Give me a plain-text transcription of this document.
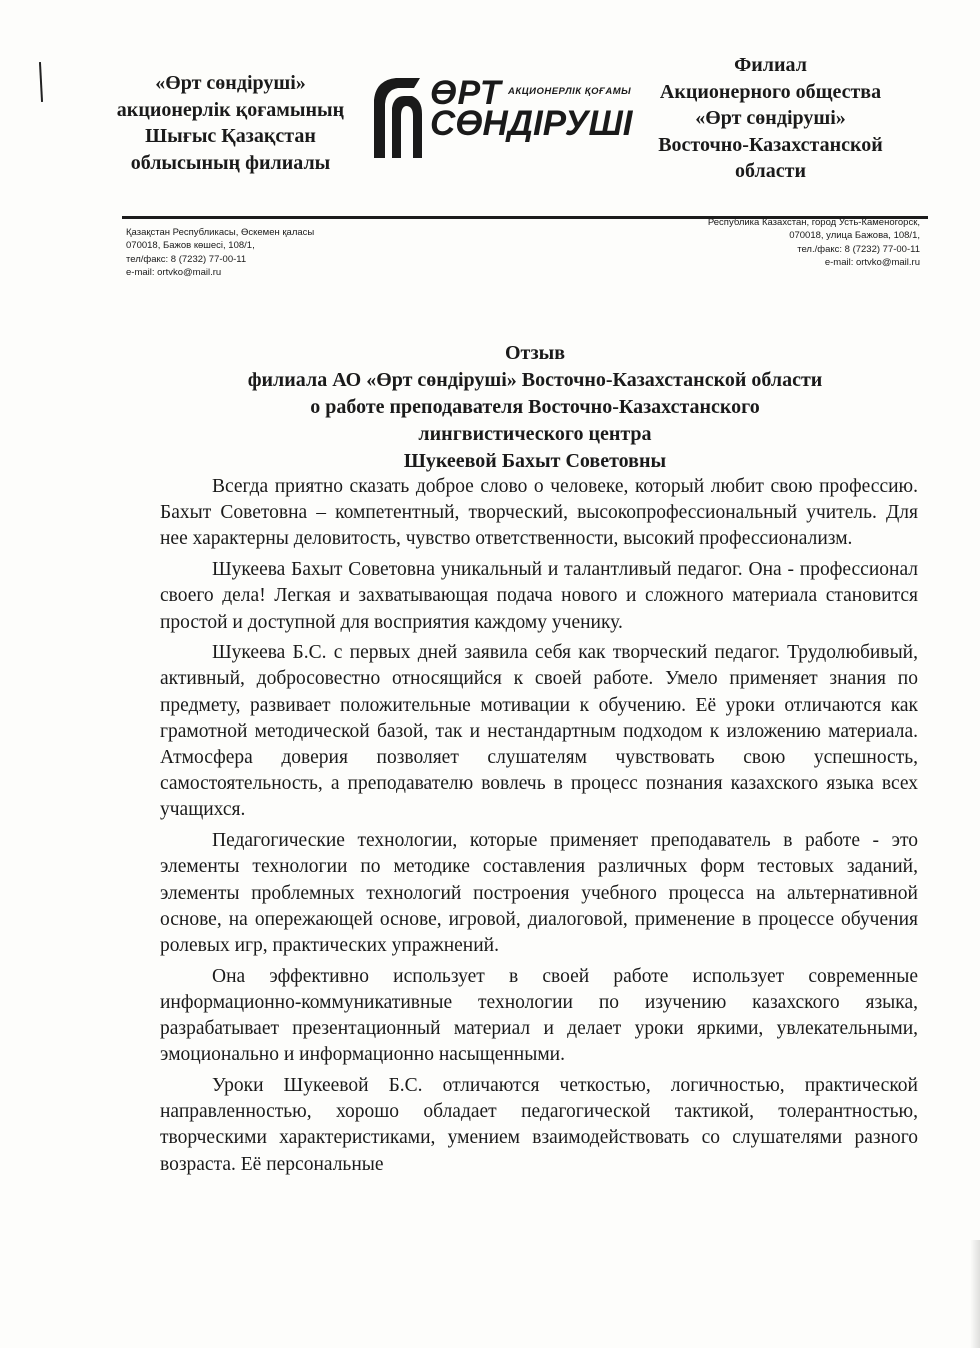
«Өрт сөндіруші»
акционерлік қоғамының
Шығыс Қазақстан
облысының филиалы
АКЦИОНЕРЛІК ҚОҒАМЫ
ӨРТ
СӨНДІРУШІ
Филиал
Акционерного общества
«Өрт сөндіруші»
Восточно-Казахстанской
области
Қазақстан Республикасы, Өскемен қаласы
070018, Бажов көшесі, 108/1,
тел/факс: 8 (7232) 77-00-11
e-mail: ortvko@mail.ru
Республика Казахстан, город Усть-Каменогорск,
070018, улица Бажова, 108/1,
тел./факс: 8 (7232) 77-00-11
e-mail: ortvko@mail.ru
Отзыв
филиала АО «Өрт сөндіруші» Восточно-Казахстанской области
о работе преподавателя Восточно-Казахстанского
лингвистического центра
Шукеевой Бахыт Советовны

Всегда приятно сказать доброе слово о человеке, который любит свою профессию. Бахыт Советовна – компетентный, творческий, высокопрофессиональный учитель. Для нее характерны деловитость, чувство ответственности, высокий профессионализм.

Шукеева Бахыт Советовна уникальный и талантливый педагог. Она - профессионал своего дела! Легкая и захватывающая подача нового и сложного материала становится простой и доступной для восприятия каждому ученику.

Шукеева Б.С. с первых дней заявила себя как творческий педагог. Трудолюбивый, активный, добросовестно относящийся к своей работе. Умело применяет знания по предмету, развивает положительные мотивации к обучению. Её уроки отличаются как грамотной методической базой, так и нестандартным подходом к изложению материала. Атмосфера доверия позволяет слушателям чувствовать свою успешность, самостоятельность, а преподавателю вовлечь в процесс познания казахского языка всех учащихся.

Педагогические технологии, которые применяет преподаватель в работе - это элементы технологии по методике составления различных форм тестовых заданий, элементы проблемных технологий построения учебного процесса на альтернативной основе, на опережающей основе, игровой, диалоговой, применение в процессе обучения ролевых игр, практических упражнений.

Она эффективно использует в своей работе использует современные информационно-коммуникативные технологии по изучению казахского языка, разрабатывает презентационный материал и делает уроки яркими, увлекательными, эмоционально и информационно насыщенными.

Уроки Шукеевой Б.С. отличаются четкостью, логичностью, практической направленностью, хорошо обладает педагогической тактикой, толерантностью, творческими характеристиками, умением взаимодействовать со слушателями разного возраста. Её персональные
